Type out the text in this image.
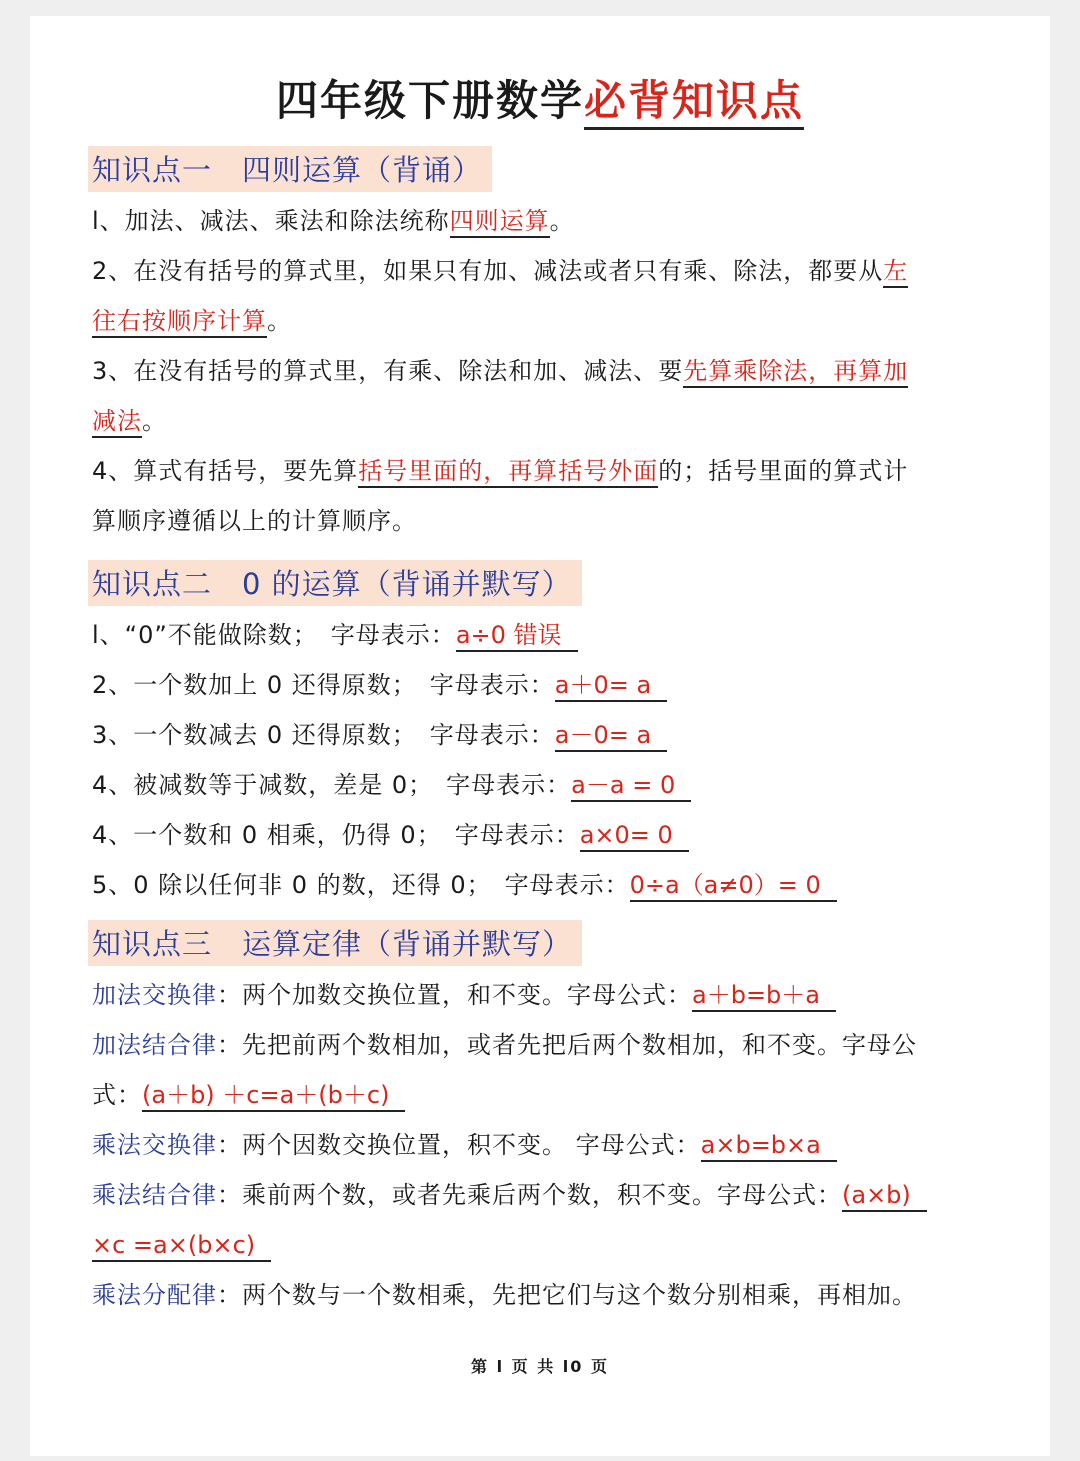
四年级下册数学必背知识点
知识点一　四则运算（背诵）
l、加法、减法、乘法和除法统称四则运算。
2、在没有括号的算式里，如果只有加、减法或者只有乘、除法，都要从左
往右按顺序计算。
3、在没有括号的算式里，有乘、除法和加、减法、要先算乘除法，再算加
减法。
4、算式有括号，要先算括号里面的，再算括号外面的；括号里面的算式计
算顺序遵循以上的计算顺序。
知识点二　0 的运算（背诵并默写）
l、“0”不能做除数；　字母表示：a÷0 错误
2、一个数加上 0 还得原数；　字母表示：a＋0= a
3、一个数减去 0 还得原数；　字母表示：a－0= a
4、被减数等于减数，差是 0；　字母表示：a－a = 0
4、一个数和 0 相乘，仍得 0；　字母表示：a×0= 0
5、0 除以任何非 0 的数，还得 0；　字母表示：0÷a（a≠0）= 0
知识点三　运算定律（背诵并默写）
加法交换律：两个加数交换位置，和不变。字母公式：a＋b=b＋a
加法结合律：先把前两个数相加，或者先把后两个数相加，和不变。字母公
式：(a＋b) ＋c=a＋(b＋c)
乘法交换律：两个因数交换位置，积不变。 字母公式：a×b=b×a
乘法结合律：乘前两个数，或者先乘后两个数，积不变。字母公式：(a×b)
×c =a×(b×c)
乘法分配律：两个数与一个数相乘，先把它们与这个数分别相乘，再相加。
第 l 页 共 l0 页
